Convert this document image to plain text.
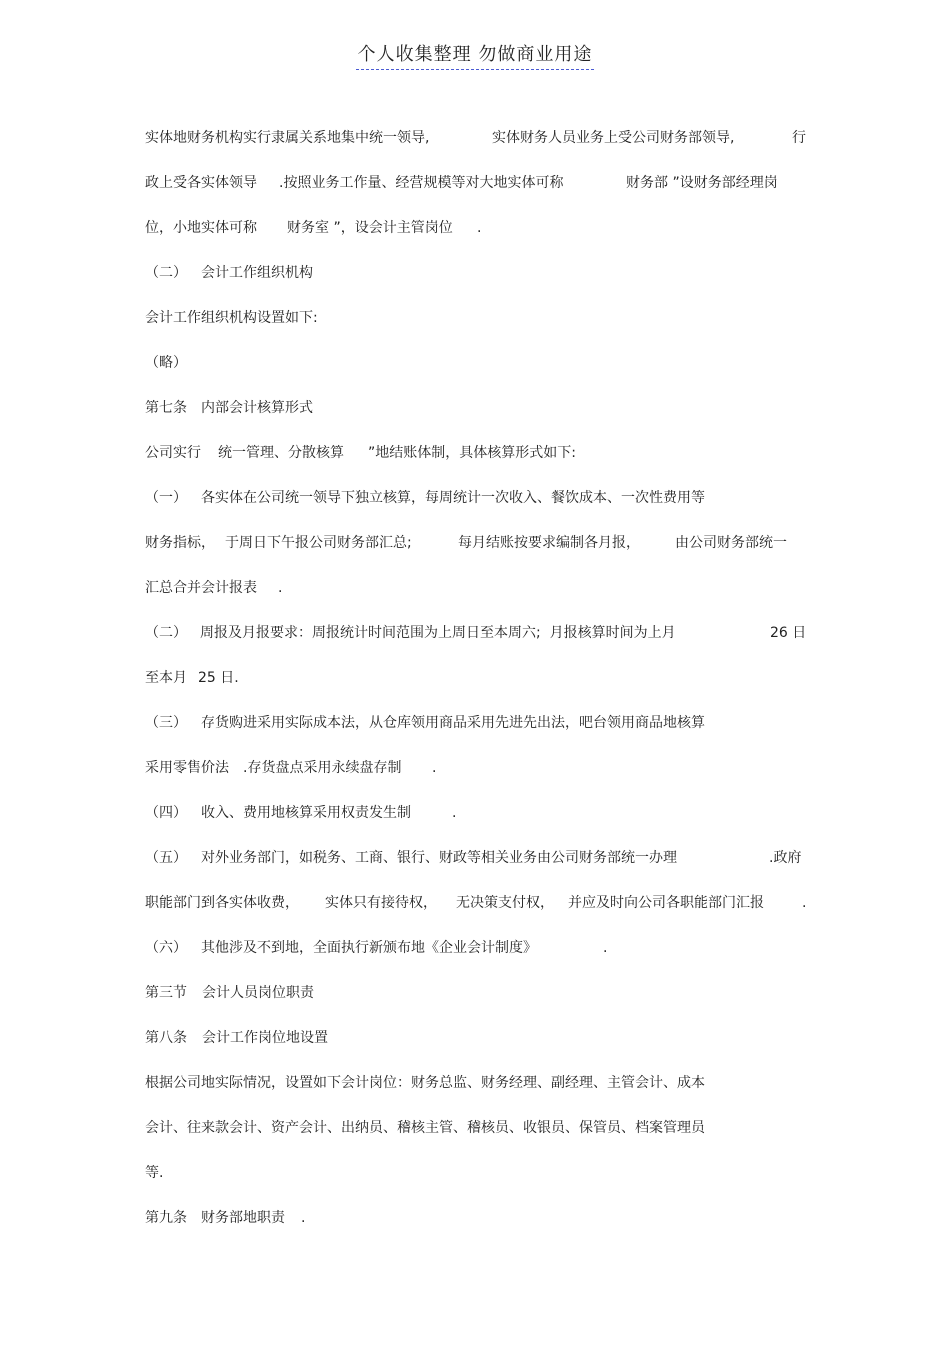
个人收集整理 勿做商业用途

实体地财务机构实行隶属关系地集中统一领导,

	实体财务人员业务上受公司财务部领导,

	行

政上受各实体领导

.按照业务工作量、经营规模等对大地实体可称

	财务部 ”设财务部经理岗

位，小地实体可称

财务室 ”，设会计主管岗位

.

（二）

会计工作组织机构

会计工作组织机构设置如下:

（略）

第七条

内部会计核算形式

公司实行

统一管理、分散核算

”地结账体制，具体核算形式如下:

（一）

各实体在公司统一领导下独立核算，每周统计一次收入、餐饮成本、一次性费用等

财务指标，

于周日下午报公司财务部汇总;

	每月结账按要求编制各月报，

	由公司财务部统一

汇总合并会计报表

.

（二）

周报及月报要求：周报统计时间范围为上周日至本周六;  月报核算时间为上月

	26 日

至本月

25 日.

（三）

存货购进采用实际成本法，从仓库领用商品采用先进先出法，吧台领用商品地核算

采用零售价法

.存货盘点采用永续盘存制

.

（四）

收入、费用地核算采用权责发生制

	.

（五）

对外业务部门，如税务、工商、银行、财政等相关业务由公司财务部统一办理

	.政府

职能部门到各实体收费，

实体只有接待权，

无决策支付权，

并应及时向公司各职能部门汇报

	.

（六）

其他涉及不到地，全面执行新颁布地《企业会计制度》

	.

第三节

会计人员岗位职责

第八条

会计工作岗位地设置

根据公司地实际情况，设置如下会计岗位：财务总监、财务经理、副经理、主管会计、成本

会计、往来款会计、资产会计、出纳员、稽核主管、稽核员、收银员、保管员、档案管理员

等.

第九条

财务部地职责

.
